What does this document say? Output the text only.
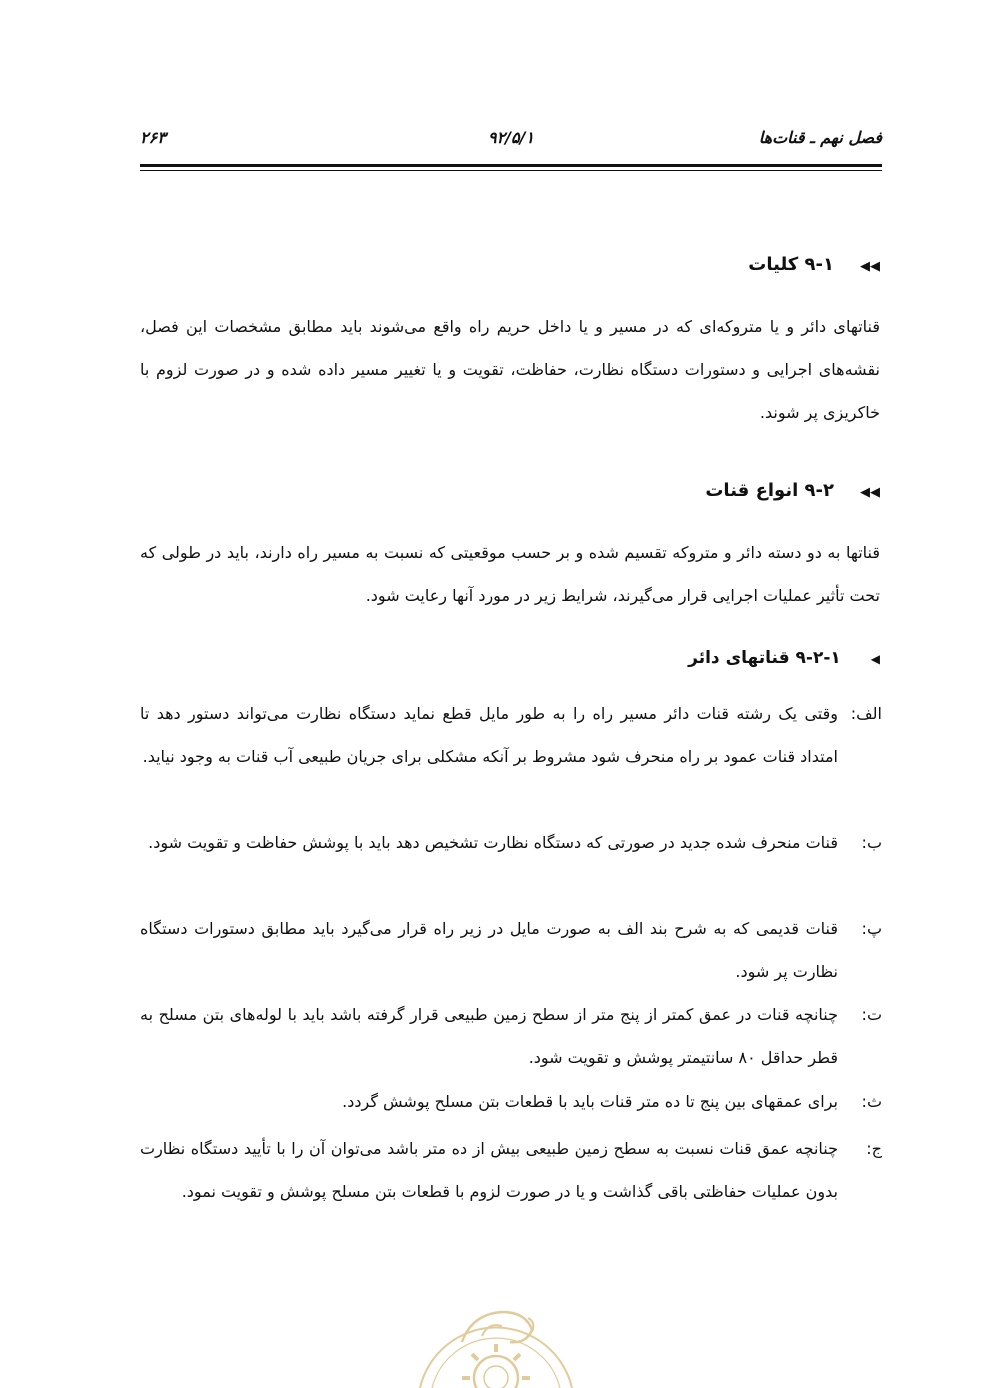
فصل نهم ـ قنات‌ها
۹۲/۵/۱
۲۶۳
◀◀۹-۱ کلیات
قناتهای دائر و یا متروکه‌ای که در مسیر و یا داخل حریم راه واقع می‌شوند باید مطابق مشخصات این فصل، نقشه‌های اجرایی و دستورات دستگاه نظارت، حفاظت، تقویت و یا تغییر مسیر داده شده و در صورت لزوم با خاکریزی پر شوند.
◀◀۹-۲ انواع قنات
قناتها به دو دسته دائر و متروکه تقسیم شده و بر حسب موقعیتی که نسبت به مسیر راه دارند، باید در طولی که تحت تأثیر عملیات اجرایی قرار می‌گیرند، شرایط زیر در مورد آنها رعایت شود.
◀۹-۲-۱ قناتهای دائر
الف:
وقتی یک رشته قنات دائر مسیر راه را به طور مایل قطع نماید دستگاه نظارت می‌تواند دستور دهد تا امتداد قنات عمود بر راه منحرف شود مشروط بر آنکه مشکلی برای جریان طبیعی آب قنات به وجود نیاید.
ب:
قنات منحرف شده جدید در صورتی که دستگاه نظارت تشخیص دهد باید با پوشش حفاظت و تقویت شود.
پ:
قنات قدیمی که به شرح بند الف به صورت مایل در زیر راه قرار می‌گیرد باید مطابق دستورات دستگاه نظارت پر شود.
ت:
چنانچه قنات در عمق کمتر از پنج متر از سطح زمین طبیعی قرار گرفته باشد باید با لوله‌های بتن مسلح به قطر حداقل ۸۰ سانتیمتر پوشش و تقویت شود.
ث:
برای عمقهای بین پنج تا ده متر قنات باید با قطعات بتن مسلح پوشش گردد.
ج:
چنانچه عمق قنات نسبت به سطح زمین طبیعی بیش از ده متر باشد می‌توان آن را با تأیید دستگاه نظارت بدون عملیات حفاظتی باقی گذاشت و یا در صورت لزوم با قطعات بتن مسلح پوشش و تقویت نمود.
